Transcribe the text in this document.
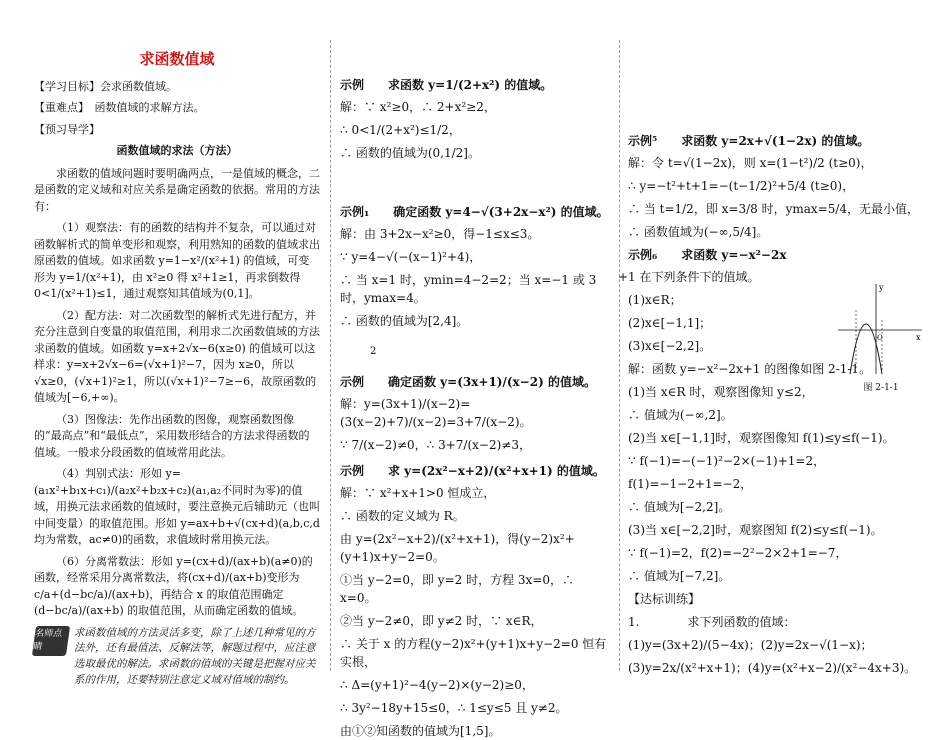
求函数值域
【学习目标】会求函数值域。
【重难点】　函数值域的求解方法。
【预习导学】
函数值域的求法（方法）
求函数的值域问题时要明确两点，一是值域的概念，二是函数的定义域和对应关系是确定函数的依据。常用的方法有：
（1）观察法：有的函数的结构并不复杂，可以通过对函数解析式的简单变形和观察，利用熟知的函数的值域求出原函数的值域。如求函数 y=1−x²/(x²+1) 的值域，可变形为 y=1/(x²+1)，由 x²≥0 得 x²+1≥1，再求倒数得 0<1/(x²+1)≤1，通过观察知其值域为(0,1]。
（2）配方法：对二次函数型的解析式先进行配方，并充分注意到自变量的取值范围，利用求二次函数值域的方法求函数的值域。如函数 y=x+2√x−6(x≥0) 的值域可以这样求：y=x+2√x−6=(√x+1)²−7，因为 x≥0，所以√x≥0，(√x+1)²≥1，所以(√x+1)²−7≥−6，故原函数的值域为[−6,+∞)。
（3）图像法：先作出函数的图像，观察函数图像的“最高点”和“最低点”，采用数形结合的方法求得函数的值域。一般求分段函数的值域常用此法。
（4）判别式法：形如 y=(a₁x²+b₁x+c₁)/(a₂x²+b₂x+c₂)(a₁,a₂不同时为零)的值域，用换元法求函数的值域时，要注意换元后辅助元（也叫中间变量）的取值范围。形如 y=ax+b+√(cx+d)(a,b,c,d均为常数，ac≠0)的函数，求值域时常用换元法。
（6）分离常数法：形如 y=(cx+d)/(ax+b)(a≠0)的函数，经常采用分离常数法，将(cx+d)/(ax+b)变形为 c/a+(d−bc/a)/(ax+b)，再结合 x 的取值范围确定 (d−bc/a)/(ax+b) 的取值范围，从而确定函数的值域。
名师点睛
求函数值域的方法灵活多变，除了上述几种常见的方法外，还有最值法、反解法等，解题过程中，应注意选取最优的解法。求函数的值域的关键是把握对应关系的作用，还要特别注意定义域对值域的制约。
示例　　求函数 y=1/(2+x²) 的值域。
解：∵ x²≥0，∴ 2+x²≥2，
∴ 0<1/(2+x²)≤1/2，
∴ 函数的值域为(0,1/2]。
示例₁　　确定函数 y=4−√(3+2x−x²) 的值域。
解：由 3+2x−x²≥0，得−1≤x≤3。
∵ y=4−√(−(x−1)²+4)，
∴ 当 x=1 时，ymin=4−2=2；当 x=−1 或 3 时，ymax=4。
∴ 函数的值域为[2,4]。
2
示例　　确定函数 y=(3x+1)/(x−2) 的值域。
解：y=(3x+1)/(x−2)=(3(x−2)+7)/(x−2)=3+7/(x−2)。
∵ 7/(x−2)≠0，∴ 3+7/(x−2)≠3，
示例　　求 y=(2x²−x+2)/(x²+x+1) 的值域。
解：∵ x²+x+1>0 恒成立，
∴ 函数的定义域为 R。
由 y=(2x²−x+2)/(x²+x+1)，得(y−2)x²+(y+1)x+y−2=0。
①当 y−2=0，即 y=2 时，方程 3x=0，∴ x=0。
②当 y−2≠0，即 y≠2 时，∵ x∈R，
∴ 关于 x 的方程(y−2)x²+(y+1)x+y−2=0 恒有实根，
∴ Δ=(y+1)²−4(y−2)×(y−2)≥0，
∴ 3y²−18y+15≤0，∴ 1≤y≤5 且 y≠2。
由①②知函数的值域为[1,5]。
示例⁵　　求函数 y=2x+√(1−2x) 的值域。
解：令 t=√(1−2x)，则 x=(1−t²)/2 (t≥0)，
∴ y=−t²+t+1=−(t−1/2)²+5/4 (t≥0)，
∴ 当 t=1/2，即 x=3/8 时，ymax=5/4，无最小值，
∴ 函数值域为(−∞,5/4]。
示例₆　　求函数 y=−x²−2x
+1 在下列条件下的值域。
(1)x∈R；
(2)x∈[−1,1]；
(3)x∈[−2,2]。
y
x
O
图 2-1-1
解：函数 y=−x²−2x+1 的图像如图 2-1-1。
(1)当 x∈R 时，观察图像知 y≤2，
∴ 值域为(−∞,2]。
(2)当 x∈[−1,1]时，观察图像知 f(1)≤y≤f(−1)。
∵ f(−1)=−(−1)²−2×(−1)+1=2，
f(1)=−1−2+1=−2，
∴ 值域为[−2,2]。
(3)当 x∈[−2,2]时，观察图知 f(2)≤y≤f(−1)。
∵ f(−1)=2，f(2)=−2²−2×2+1=−7，
∴ 值域为[−7,2]。
【达标训练】
1.　　　　求下列函数的值域：
(1)y=(3x+2)/(5−4x)；(2)y=2x−√(1−x)；
(3)y=2x/(x²+x+1)；(4)y=(x²+x−2)/(x²−4x+3)。
